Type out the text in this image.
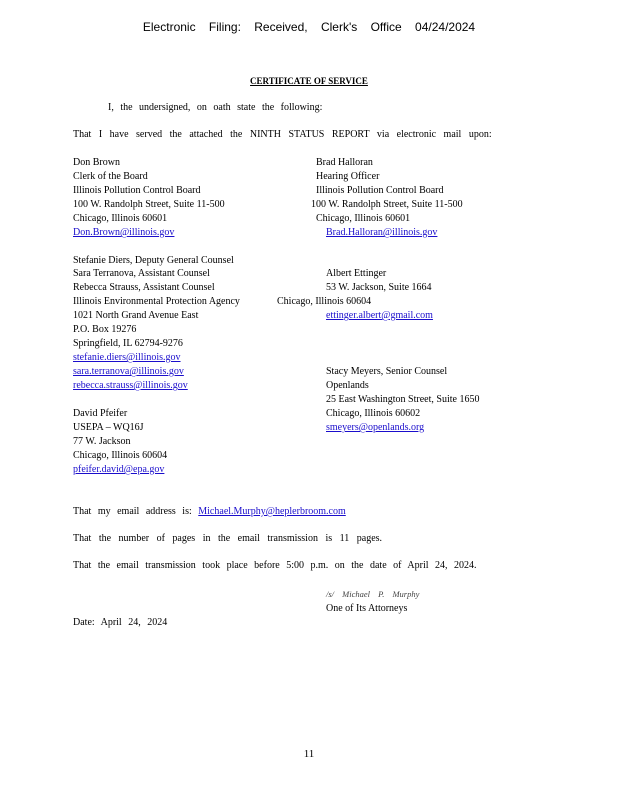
Electronic Filing: Received, Clerk's Office 04/24/2024
CERTIFICATE OF SERVICE
I, the undersigned, on oath state the following:
That I have served the attached the NINTH STATUS REPORT via electronic mail upon:
Don Brown
Clerk of the Board
Illinois Pollution Control Board
100 W. Randolph Street, Suite 11-500
Chicago, Illinois 60601
Don.Brown@illinois.gov
Stefanie Diers, Deputy General Counsel
Sara Terranova, Assistant Counsel
Rebecca Strauss, Assistant Counsel
Illinois Environmental Protection Agency
1021 North Grand Avenue East
P.O. Box 19276
Springfield, IL 62794-9276
stefanie.diers@illinois.gov
sara.terranova@illinois.gov
rebecca.strauss@illinois.gov
David Pfeifer
USEPA – WQ16J
77 W. Jackson
Chicago, Illinois 60604
pfeifer.david@epa.gov
Brad Halloran
Hearing Officer
Illinois Pollution Control Board
100 W. Randolph Street, Suite 11-500
Chicago, Illinois 60601
Brad.Halloran@illinois.gov
Albert Ettinger
53 W. Jackson, Suite 1664
Chicago, Illinois 60604
ettinger.albert@gmail.com
Stacy Meyers, Senior Counsel
Openlands
25 East Washington Street, Suite 1650
Chicago, Illinois 60602
smeyers@openlands.org
That my email address is: Michael.Murphy@heplerbroom.com
That the number of pages in the email transmission is 11 pages.
That the email transmission took place before 5:00 p.m. on the date of April 24, 2024.
/s/ Michael P. Murphy
One of Its Attorneys
Date: April 24, 2024
11
